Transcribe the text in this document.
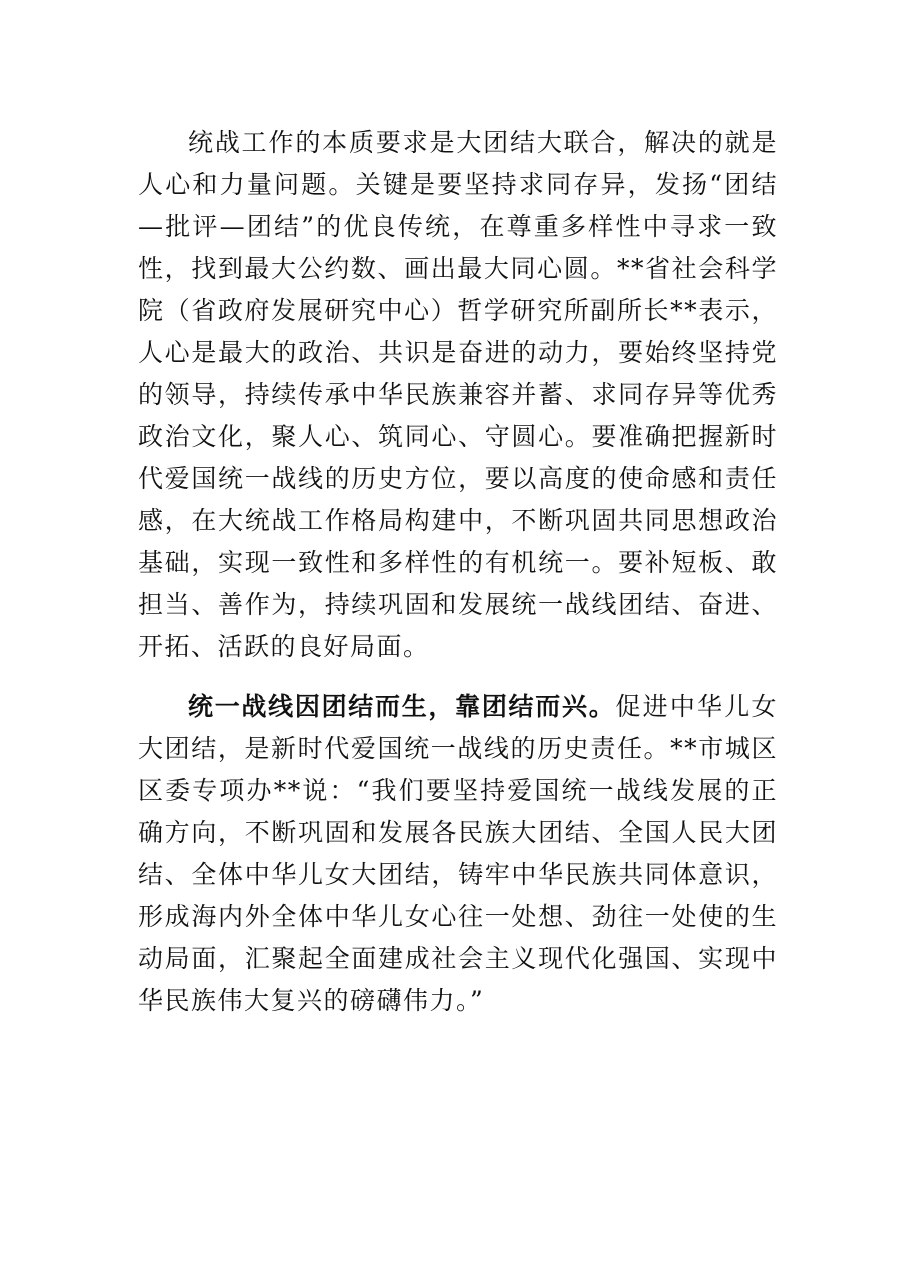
统战工作的本质要求是大团结大联合，解决的就是人心和力量问题。关键是要坚持求同存异，发扬“团结—批评—团结”的优良传统，在尊重多样性中寻求一致性，找到最大公约数、画出最大同心圆。**省社会科学院（省政府发展研究中心）哲学研究所副所长**表示，人心是最大的政治、共识是奋进的动力，要始终坚持党的领导，持续传承中华民族兼容并蓄、求同存异等优秀政治文化，聚人心、筑同心、守圆心。要准确把握新时代爱国统一战线的历史方位，要以高度的使命感和责任感，在大统战工作格局构建中，不断巩固共同思想政治基础，实现一致性和多样性的有机统一。要补短板、敢担当、善作为，持续巩固和发展统一战线团结、奋进、开拓、活跃的良好局面。

统一战线因团结而生，靠团结而兴。促进中华儿女大团结，是新时代爱国统一战线的历史责任。**市城区区委专项办**说：“我们要坚持爱国统一战线发展的正确方向，不断巩固和发展各民族大团结、全国人民大团结、全体中华儿女大团结，铸牢中华民族共同体意识，形成海内外全体中华儿女心往一处想、劲往一处使的生动局面，汇聚起全面建成社会主义现代化强国、实现中华民族伟大复兴的磅礴伟力。”
